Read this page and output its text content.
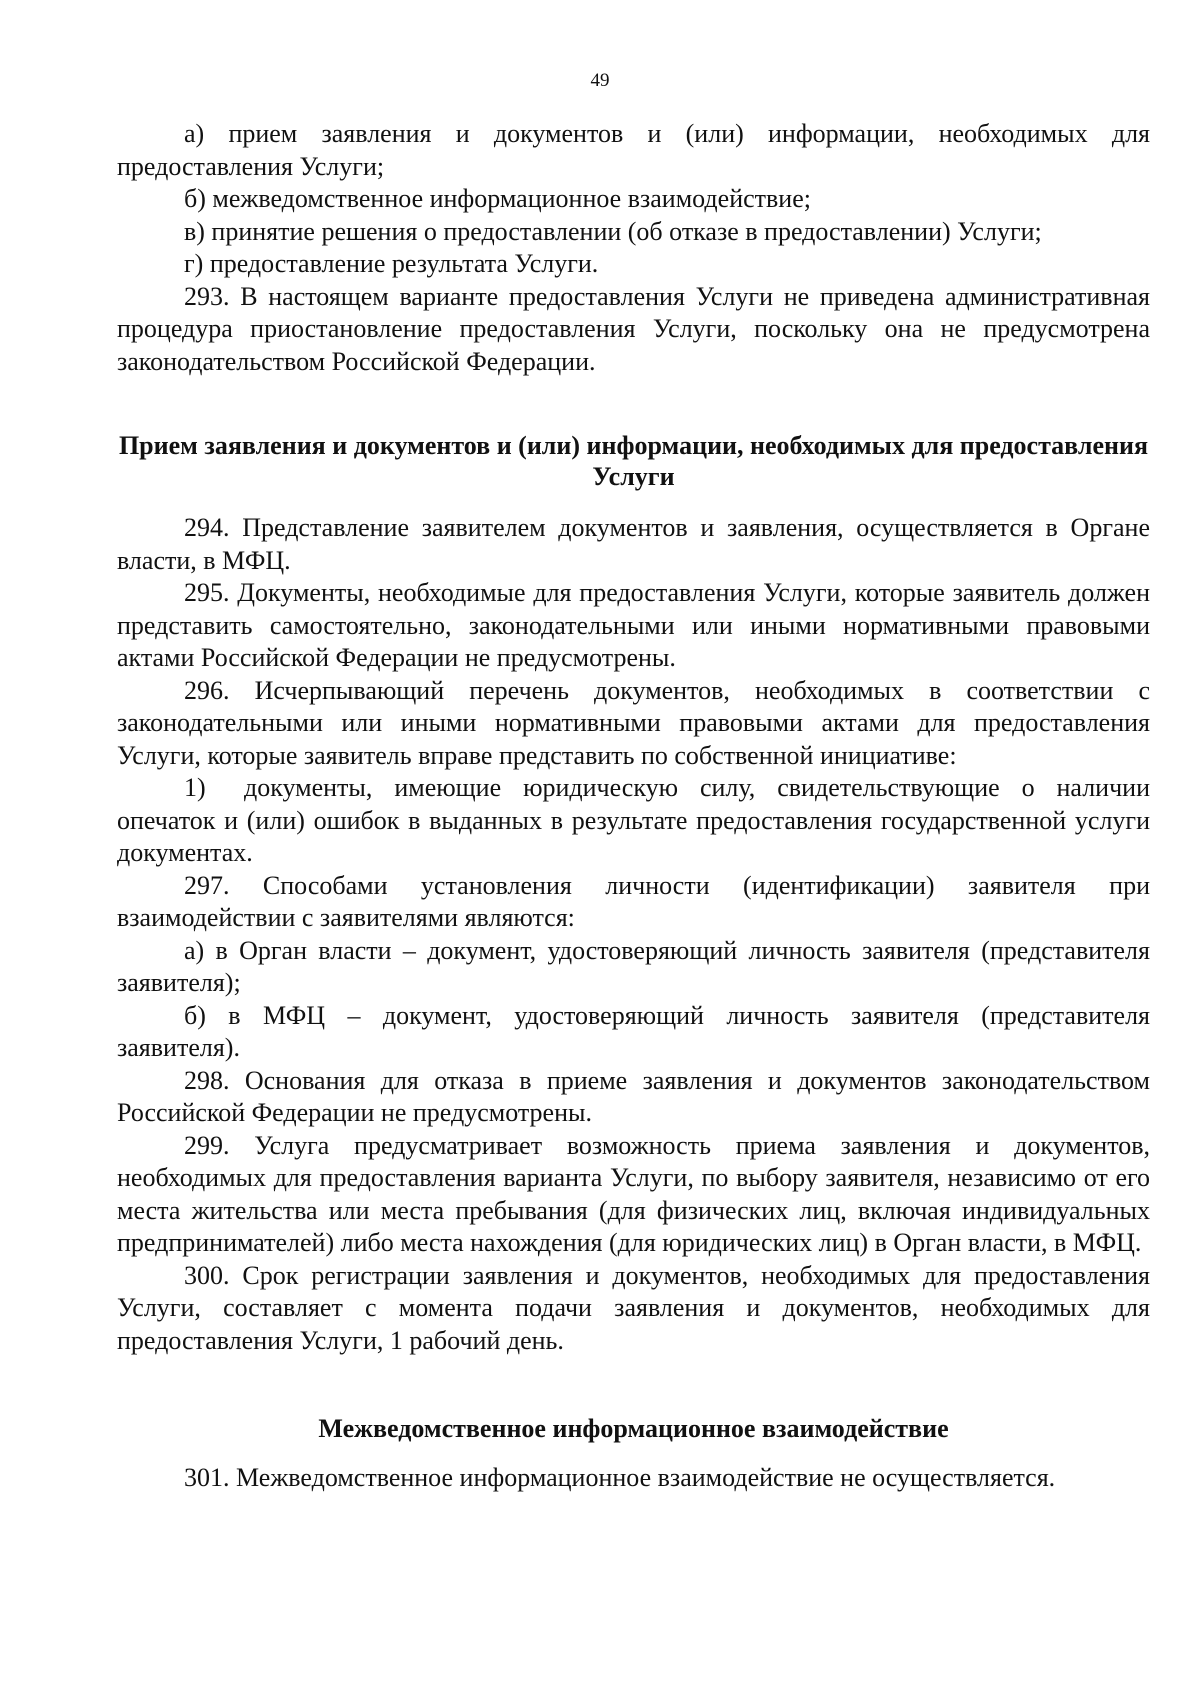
49

а) прием заявления и документов и (или) информации, необходимых для предоставления Услуги;

б) межведомственное информационное взаимодействие;

в) принятие решения о предоставлении (об отказе в предоставлении) Услуги;

г) предоставление результата Услуги.

293. В настоящем варианте предоставления Услуги не приведена административная процедура приостановление предоставления Услуги, поскольку она не предусмотрена законодательством Российской Федерации.

Прием заявления и документов и (или) информации, необходимых для предоставления Услуги

294. Представление заявителем документов и заявления, осуществляется в Органе власти, в МФЦ.

295. Документы, необходимые для предоставления Услуги, которые заявитель должен представить самостоятельно, законодательными или иными нормативными правовыми актами Российской Федерации не предусмотрены.

296. Исчерпывающий перечень документов, необходимых в соответствии с законодательными или иными нормативными правовыми актами для предоставления Услуги, которые заявитель вправе представить по собственной инициативе:

1) документы, имеющие юридическую силу, свидетельствующие о наличии опечаток и (или) ошибок в выданных в результате предоставления государственной услуги документах.

297. Способами установления личности (идентификации) заявителя при взаимодействии с заявителями являются:

а) в Орган власти – документ, удостоверяющий личность заявителя (представителя заявителя);

б) в МФЦ – документ, удостоверяющий личность заявителя (представителя заявителя).

298. Основания для отказа в приеме заявления и документов законодательством Российской Федерации не предусмотрены.

299. Услуга предусматривает возможность приема заявления и документов, необходимых для предоставления варианта Услуги, по выбору заявителя, независимо от его места жительства или места пребывания (для физических лиц, включая индивидуальных предпринимателей) либо места нахождения (для юридических лиц) в Орган власти, в МФЦ.

300. Срок регистрации заявления и документов, необходимых для предоставления Услуги, составляет с момента подачи заявления и документов, необходимых для предоставления Услуги, 1 рабочий день.

Межведомственное информационное взаимодействие

301. Межведомственное информационное взаимодействие не осуществляется.
